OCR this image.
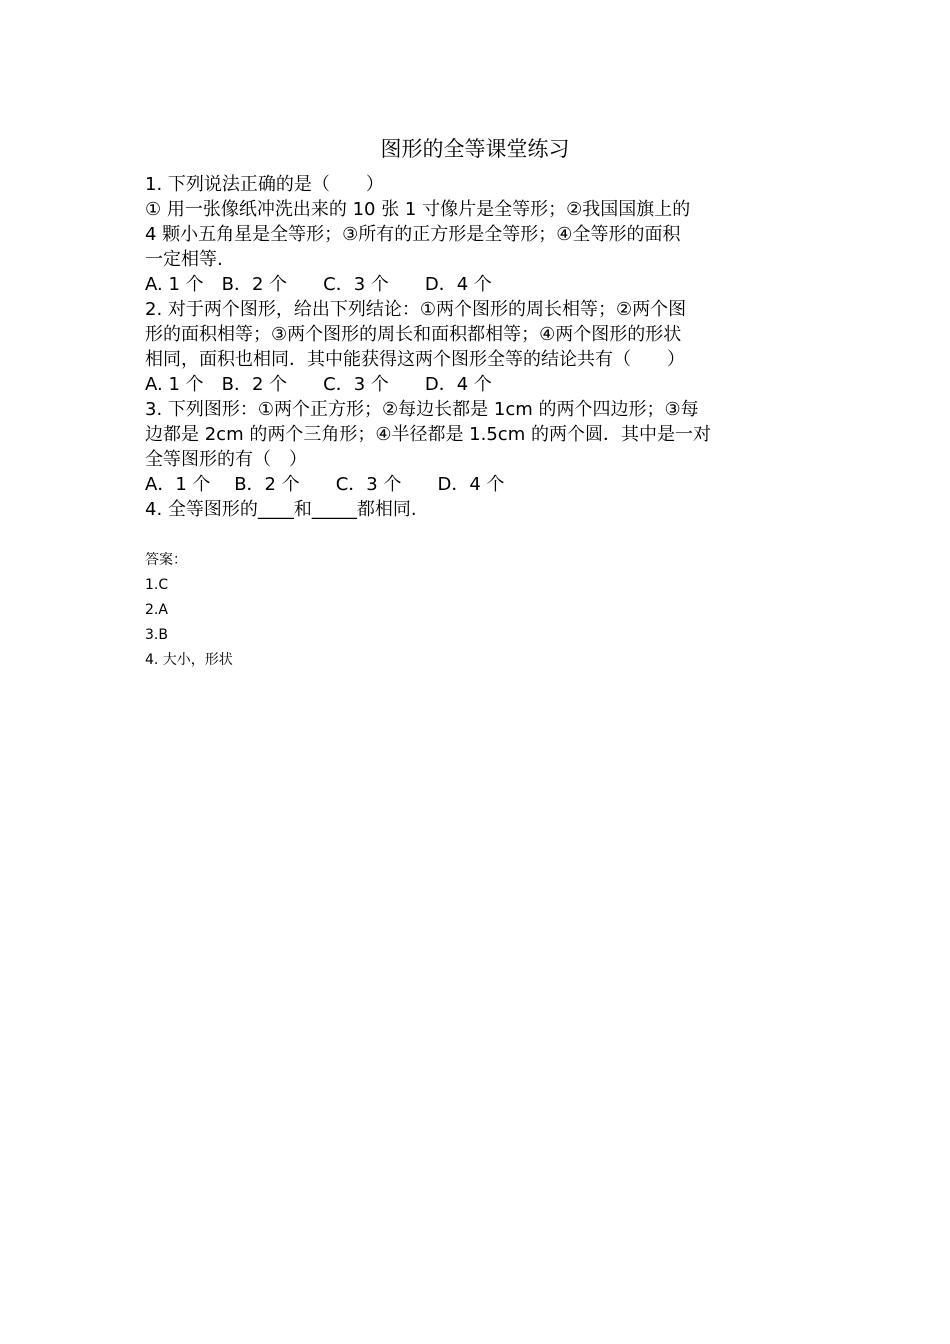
图形的全等课堂练习
1. 下列说法正确的是（　　）
① 用一张像纸冲洗出来的 10 张 1 寸像片是全等形；②我国国旗上的
4 颗小五角星是全等形；③所有的正方形是全等形；④全等形的面积
一定相等.
A. 1 个　B．2 个　　C．3 个　　D．4 个
2. 对于两个图形，给出下列结论：①两个图形的周长相等；②两个图
形的面积相等；③两个图形的周长和面积都相等；④两个图形的形状
相同，面积也相同．其中能获得这两个图形全等的结论共有（　　）
A. 1 个　B．2 个　　C．3 个　　D．4 个
3. 下列图形：①两个正方形；②每边长都是 1cm 的两个四边形；③每
边都是 2cm 的两个三角形；④半径都是 1.5cm 的两个圆．其中是一对
全等图形的有（　）
A．1 个　 B．2 个　　C．3 个　　D．4 个
4. 全等图形的____和_____都相同.
答案：
1.C
2.A
3.B
4. 大小，形状
